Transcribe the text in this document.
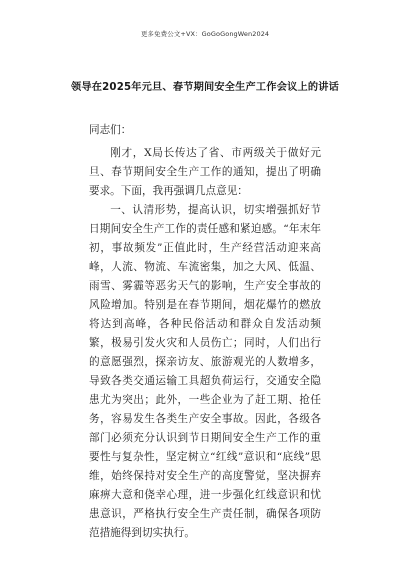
更多免费公文+VX：GoGoGongWen2024
领导在2025年元旦、春节期间安全生产工作会议上的讲话
同志们：

刚才，X局长传达了省、市两级关于做好元旦、春节期间安全生产工作的通知，提出了明确要求。下面，我再强调几点意见：

一、认清形势，提高认识，切实增强抓好节日期间安全生产工作的责任感和紧迫感。“年末年初，事故频发”正值此时，生产经营活动迎来高峰，人流、物流、车流密集，加之大风、低温、雨雪、雾霾等恶劣天气的影响，生产安全事故的风险增加。特别是在春节期间，烟花爆竹的燃放将达到高峰，各种民俗活动和群众自发活动频繁，极易引发火灾和人员伤亡；同时，人们出行的意愿强烈，探亲访友、旅游观光的人数增多，导致各类交通运输工具超负荷运行，交通安全隐患尤为突出；此外，一些企业为了赶工期、抢任务，容易发生各类生产安全事故。因此，各级各部门必须充分认识到节日期间安全生产工作的重要性与复杂性，坚定树立“红线”意识和“底线”思维，始终保持对安全生产的高度警觉，坚决摒弃麻痹大意和侥幸心理，进一步强化红线意识和忧患意识，严格执行安全生产责任制，确保各项防范措施得到切实执行。
